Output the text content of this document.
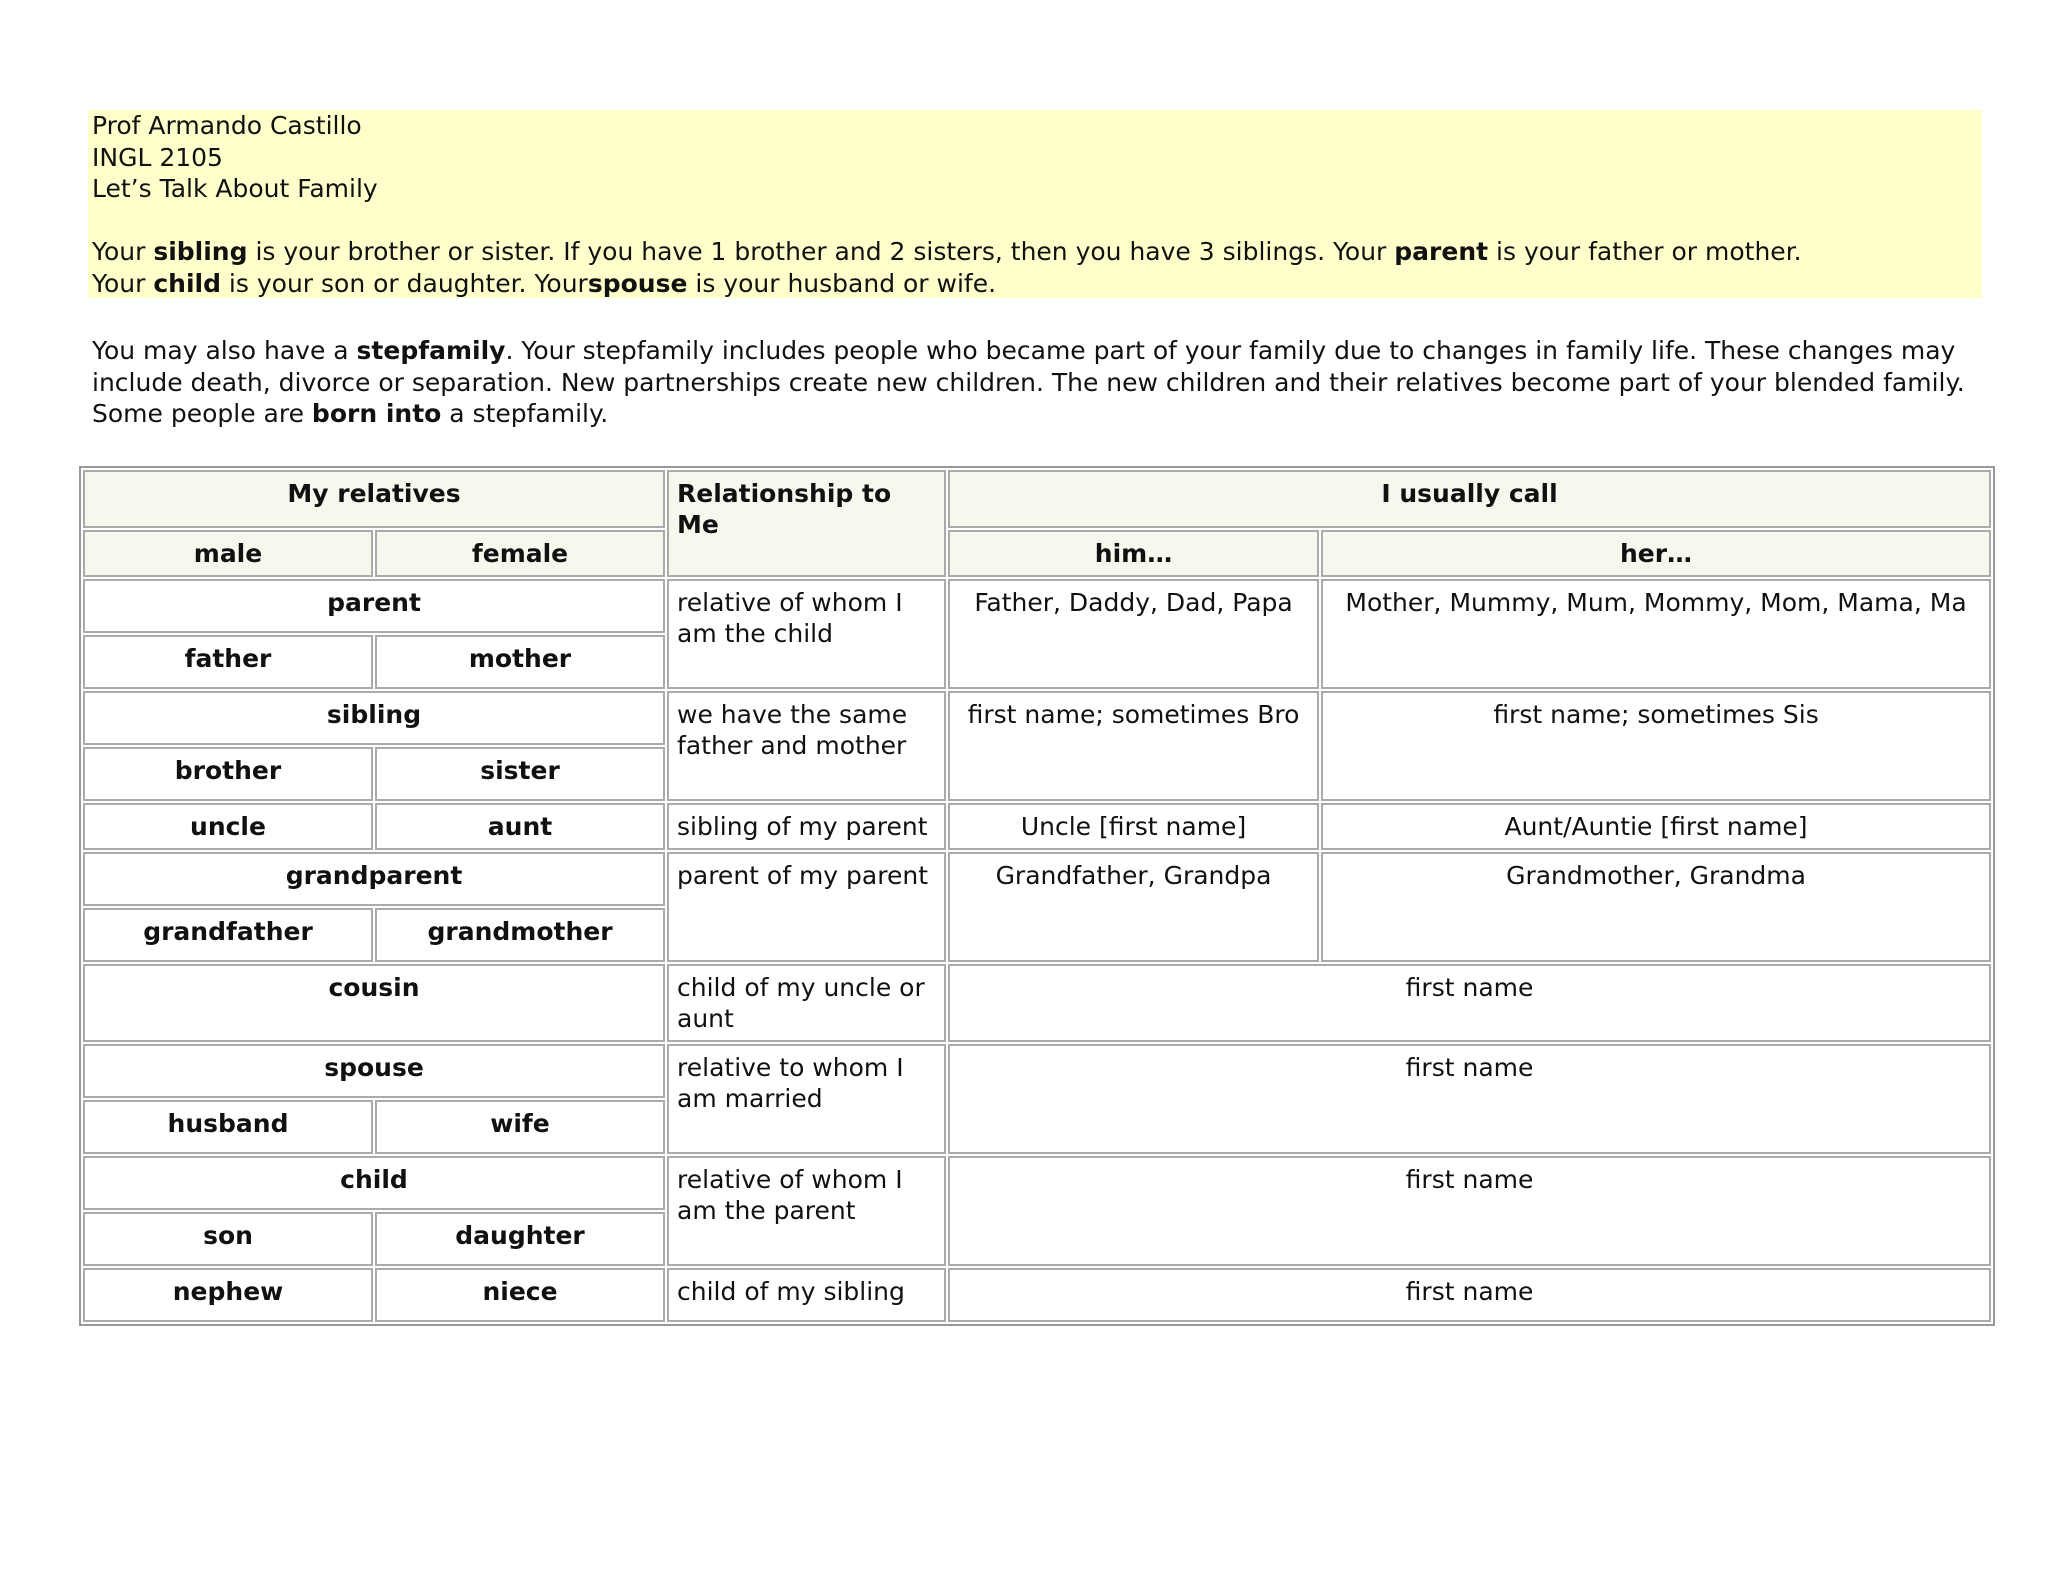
Prof Armando Castillo
INGL 2105
Let’s Talk About Family
Your sibling is your brother or sister. If you have 1 brother and 2 sisters, then you have 3 siblings. Your parent is your father or mother.
Your child is your son or daughter. Yourspouse is your husband or wife.
You may also have a stepfamily. Your stepfamily includes people who became part of your family due to changes in family life. These changes may include death, divorce or separation. New partnerships create new children. The new children and their relatives become part of your blended family. Some people are born into a stepfamily.
My relatives		Relationship to Me	I usually call	
male	female		him…	her…
parent		relative of whom I am the child	Father, Daddy, Dad, Papa	Mother, Mummy, Mum, Mommy, Mom, Mama, Ma
father	mother			
sibling		we have the same father and mother	first name; sometimes Bro	first name; sometimes Sis
brother	sister			
uncle	aunt	sibling of my parent	Uncle [first name]	Aunt/Auntie [first name]
grandparent		parent of my parent	Grandfather, Grandpa	Grandmother, Grandma
grandfather	grandmother			
cousin		child of my uncle or aunt	first name	
spouse		relative to whom I am married	first name	
husband	wife			
child		relative of whom I am the parent	first name	
son	daughter			
nephew	niece	child of my sibling	first name	
